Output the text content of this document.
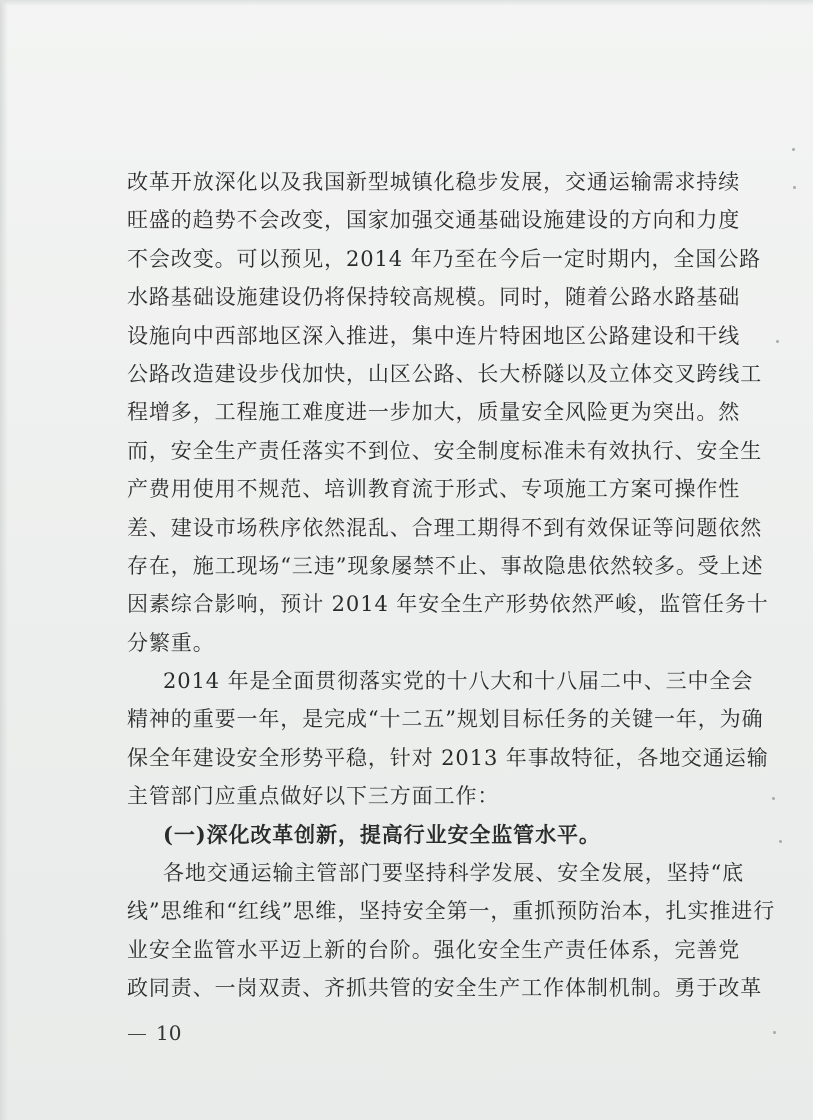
改革开放深化以及我国新型城镇化稳步发展，交通运输需求持续
旺盛的趋势不会改变，国家加强交通基础设施建设的方向和力度
不会改变。可以预见，2014 年乃至在今后一定时期内，全国公路
水路基础设施建设仍将保持较高规模。同时，随着公路水路基础
设施向中西部地区深入推进，集中连片特困地区公路建设和干线
公路改造建设步伐加快，山区公路、长大桥隧以及立体交叉跨线工
程增多，工程施工难度进一步加大，质量安全风险更为突出。然
而，安全生产责任落实不到位、安全制度标准未有效执行、安全生
产费用使用不规范、培训教育流于形式、专项施工方案可操作性
差、建设市场秩序依然混乱、合理工期得不到有效保证等问题依然
存在，施工现场“三违”现象屡禁不止、事故隐患依然较多。受上述
因素综合影响，预计 2014 年安全生产形势依然严峻，监管任务十
分繁重。
2014 年是全面贯彻落实党的十八大和十八届二中、三中全会
精神的重要一年，是完成“十二五”规划目标任务的关键一年，为确
保全年建设安全形势平稳，针对 2013 年事故特征，各地交通运输
主管部门应重点做好以下三方面工作：
(一)深化改革创新，提高行业安全监管水平。
各地交通运输主管部门要坚持科学发展、安全发展，坚持“底
线”思维和“红线”思维，坚持安全第一，重抓预防治本，扎实推进行
业安全监管水平迈上新的台阶。强化安全生产责任体系，完善党
政同责、一岗双责、齐抓共管的安全生产工作体制机制。勇于改革
10
